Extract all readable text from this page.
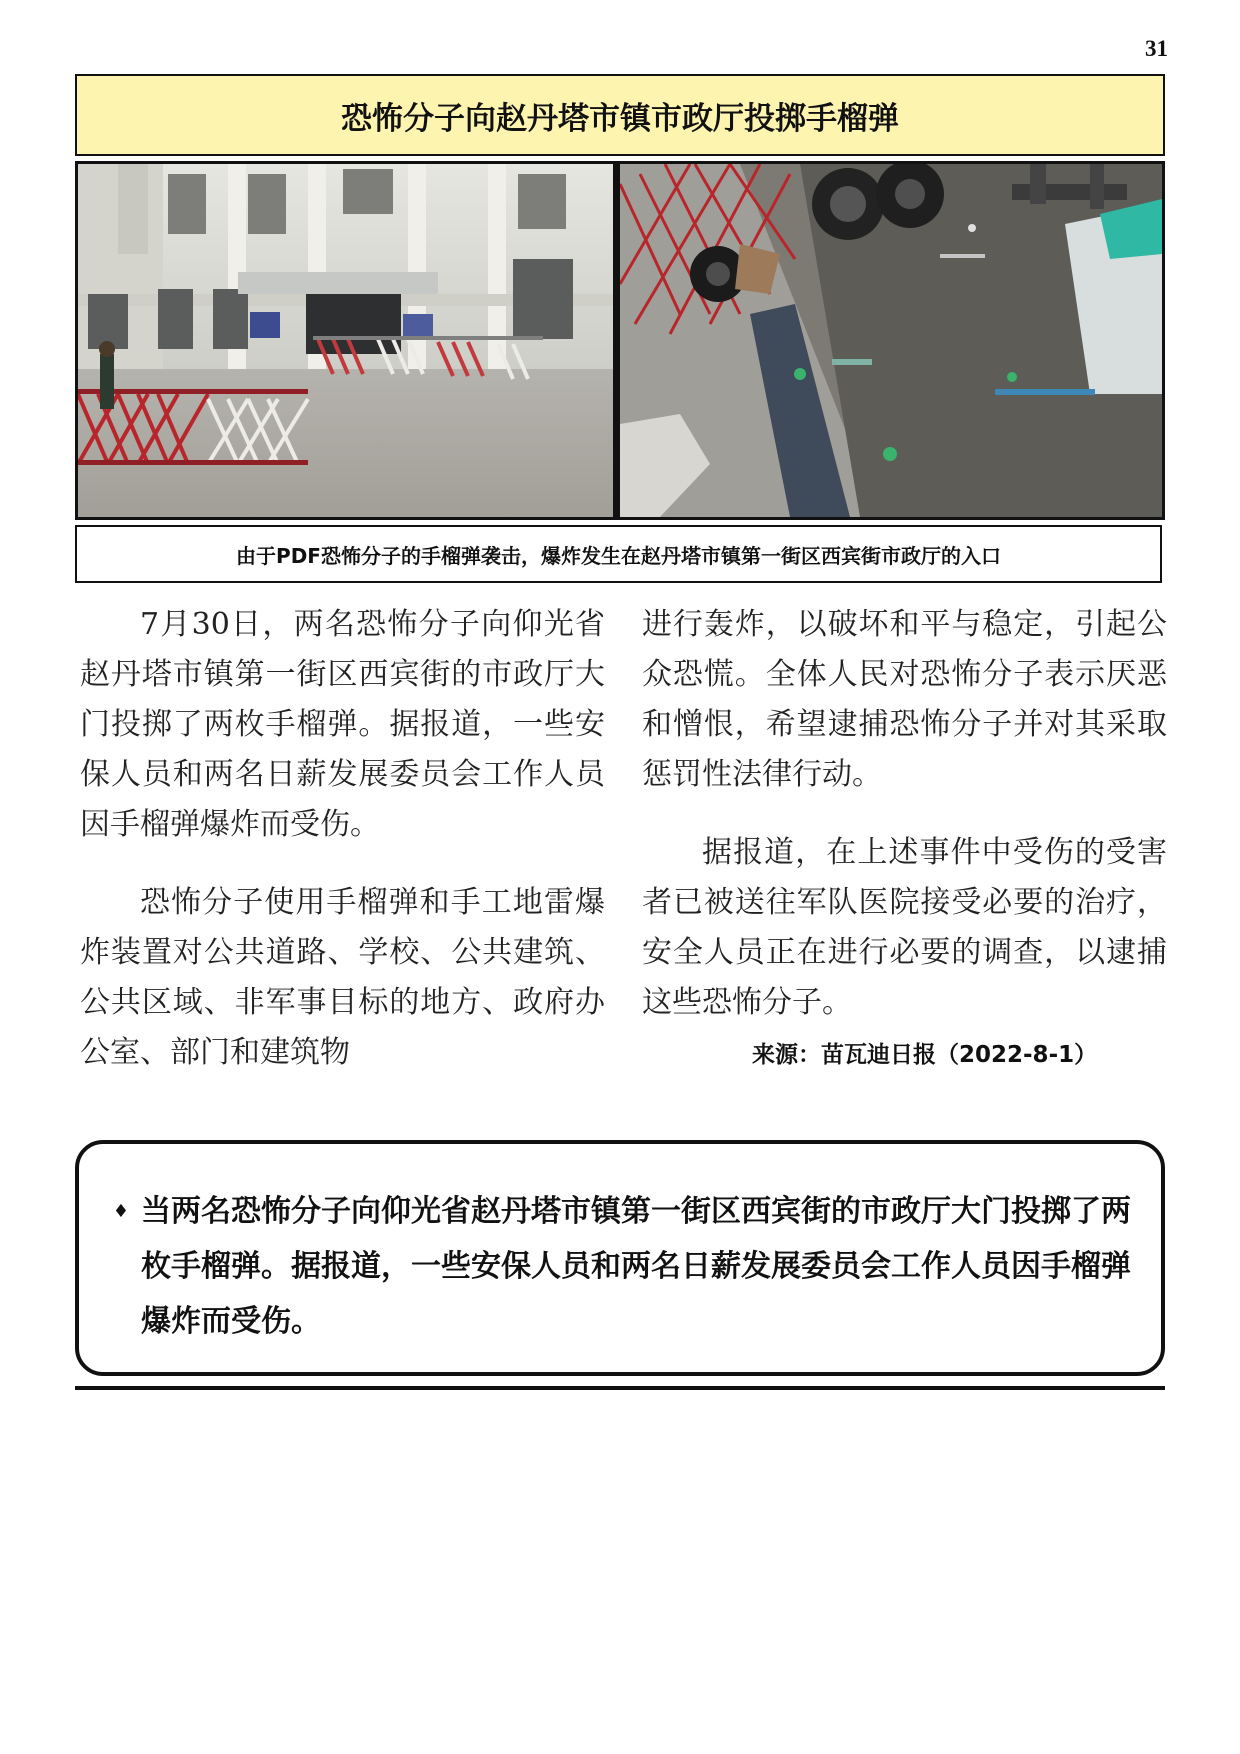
31
恐怖分子向赵丹塔市镇市政厅投掷手榴弹
由于PDF恐怖分子的手榴弹袭击，爆炸发生在赵丹塔市镇第一街区西宾街市政厅的入口

7月30日，两名恐怖分子向仰光省赵丹塔市镇第一街区西宾街的市政厅大门投掷了两枚手榴弹。据报道，一些安保人员和两名日薪发展委员会工作人员因手榴弹爆炸而受伤。

恐怖分子使用手榴弹和手工地雷爆炸装置对公共道路、学校、公共建筑、公共区域、非军事目标的地方、政府办公室、部门和建筑物

进行轰炸，以破坏和平与稳定，引起公众恐慌。全体人民对恐怖分子表示厌恶和憎恨，希望逮捕恐怖分子并对其采取惩罚性法律行动。

据报道，在上述事件中受伤的受害者已被送往军队医院接受必要的治疗，安全人员正在进行必要的调查，以逮捕这些恐怖分子。

来源：苗瓦迪日报（2022-8-1）
♦ 当两名恐怖分子向仰光省赵丹塔市镇第一街区西宾街的市政厅大门投掷了两枚手榴弹。据报道，一些安保人员和两名日薪发展委员会工作人员因手榴弹爆炸而受伤。
